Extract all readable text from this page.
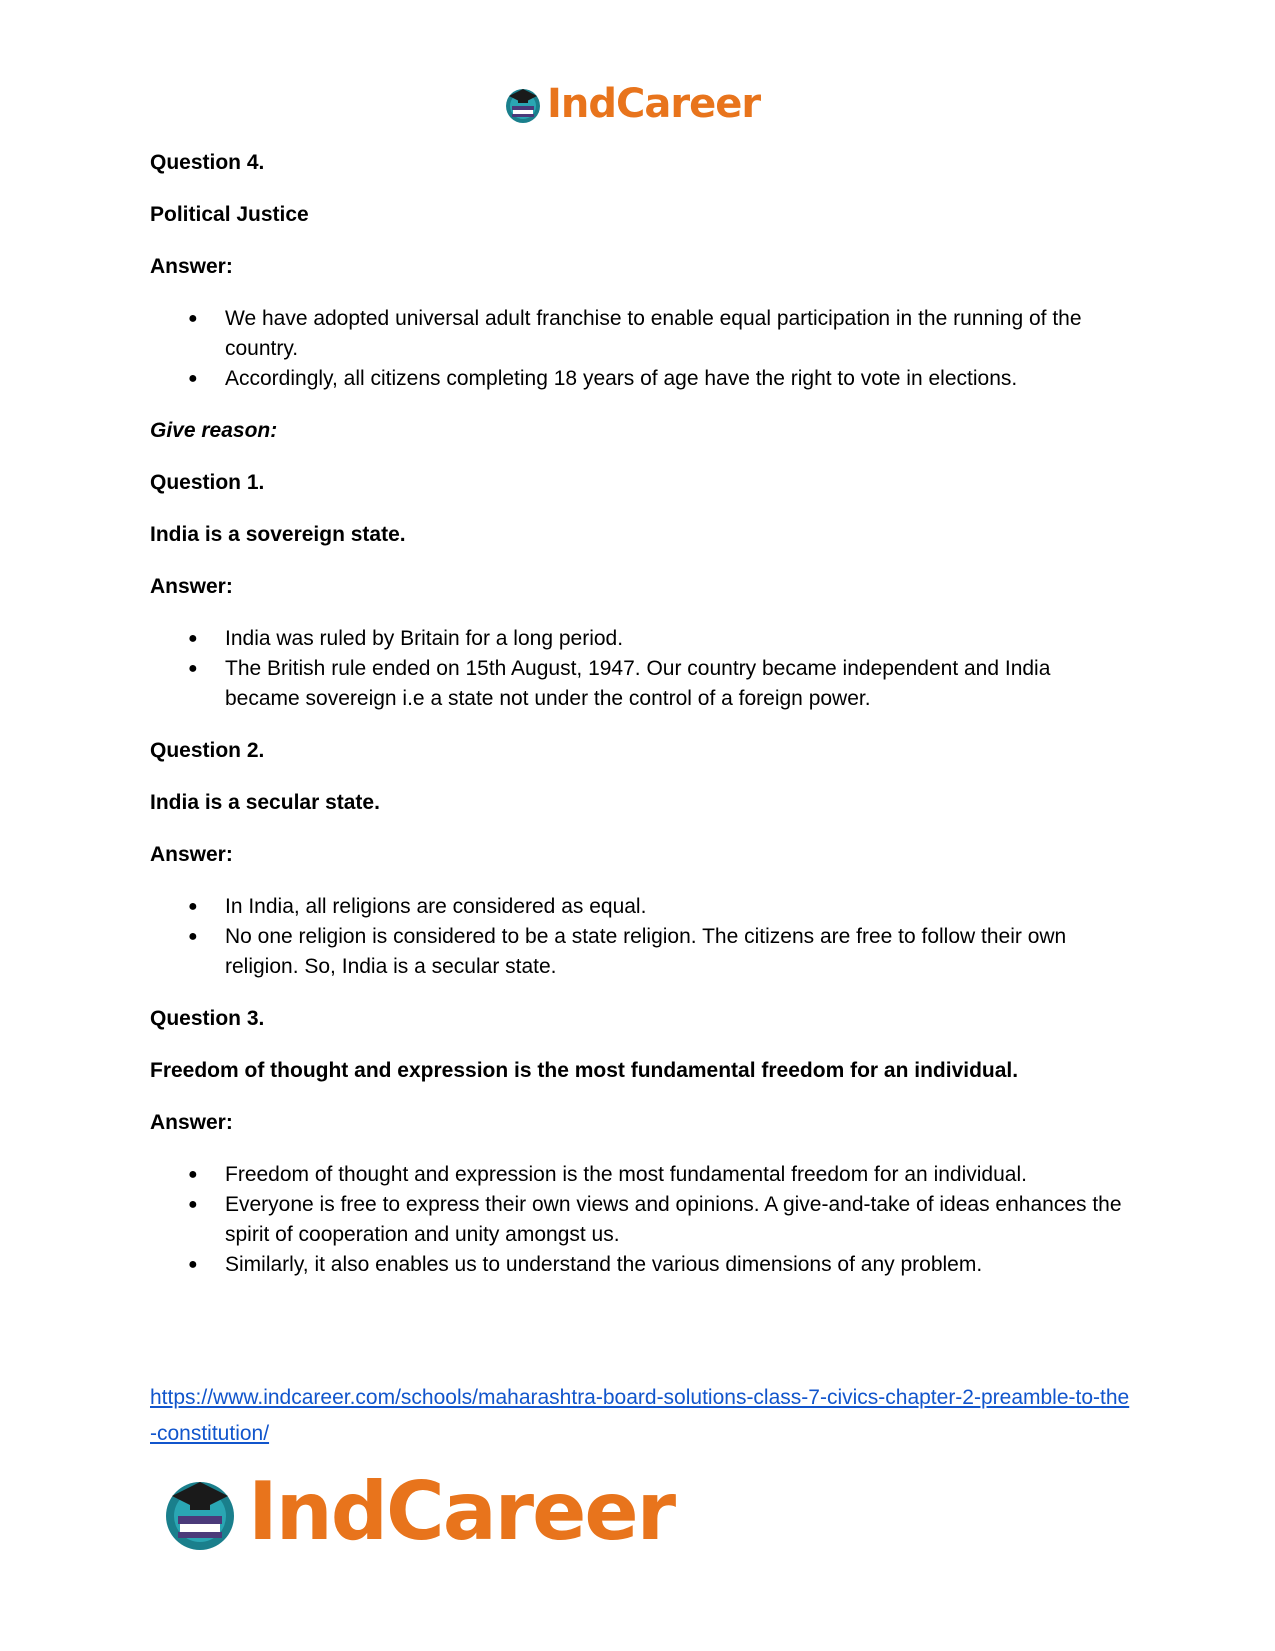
IndCareer
Question 4.
Political Justice
Answer:
● We have adopted universal adult franchise to enable equal participation in the running of the country.
● Accordingly, all citizens completing 18 years of age have the right to vote in elections.
Give reason:
Question 1.
India is a sovereign state.
Answer:
● India was ruled by Britain for a long period.
● The British rule ended on 15th August, 1947. Our country became independent and India became sovereign i.e a state not under the control of a foreign power.
Question 2.
India is a secular state.
Answer:
● In India, all religions are considered as equal.
● No one religion is considered to be a state religion. The citizens are free to follow their own religion. So, India is a secular state.
Question 3.
Freedom of thought and expression is the most fundamental freedom for an individual.
Answer:
● Freedom of thought and expression is the most fundamental freedom for an individual.
● Everyone is free to express their own views and opinions. A give-and-take of ideas enhances the spirit of cooperation and unity amongst us.
● Similarly, it also enables us to understand the various dimensions of any problem.
https://www.indcareer.com/schools/maharashtra-board-solutions-class-7-civics-chapter-2-preamble-to-the-constitution/
IndCareer
